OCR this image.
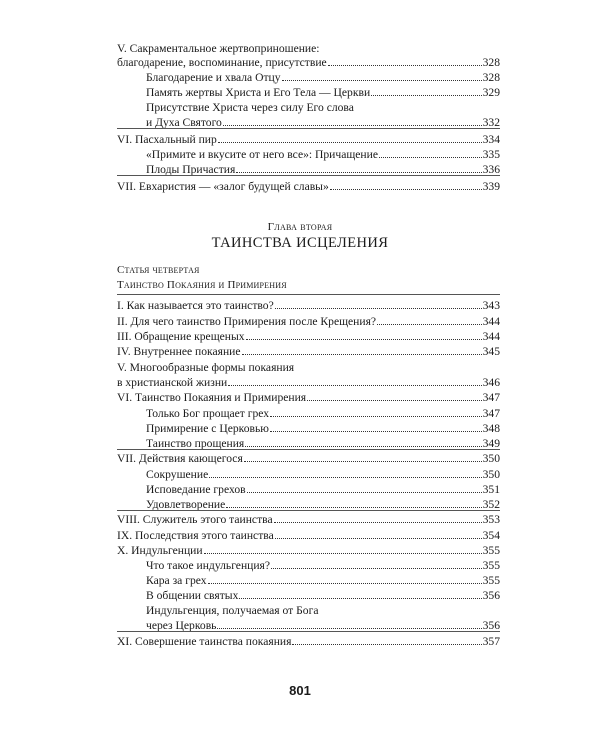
V. Сакраментальное жертвоприношение:
благодарение, воспоминание, присутствие	328
Благодарение и хвала Отцу	328
Память жертвы Христа и Его Тела — Церкви	329
Присутствие Христа через силу Его слова
и Духа Святого	332
VI. Пасхальный пир	334
«Примите и вкусите от него все»: Причащение	335
Плоды Причастия	336
VII. Евхаристия — «залог будущей славы»	339
Глава вторая
ТАИНСТВА ИСЦЕЛЕНИЯ
Статья четвертая
Таинство Покаяния и Примирения
I. Как называется это таинство?	343
II. Для чего таинство Примирения после Крещения?	344
III. Обращение крещеных	344
IV. Внутреннее покаяние	345
V. Многообразные формы покаяния
в христианской жизни	346
VI. Таинство Покаяния и Примирения	347
Только Бог прощает грех	347
Примирение с Церковью	348
Таинство прощения	349
VII. Действия кающегося	350
Сокрушение	350
Исповедание грехов	351
Удовлетворение	352
VIII. Служитель этого таинства	353
IX. Последствия этого таинства	354
X. Индульгенции	355
Что такое индульгенция?	355
Кара за грех	355
В общении святых	356
Индульгенция, получаемая от Бога
через Церковь	356
XI. Совершение таинства покаяния	357
801
